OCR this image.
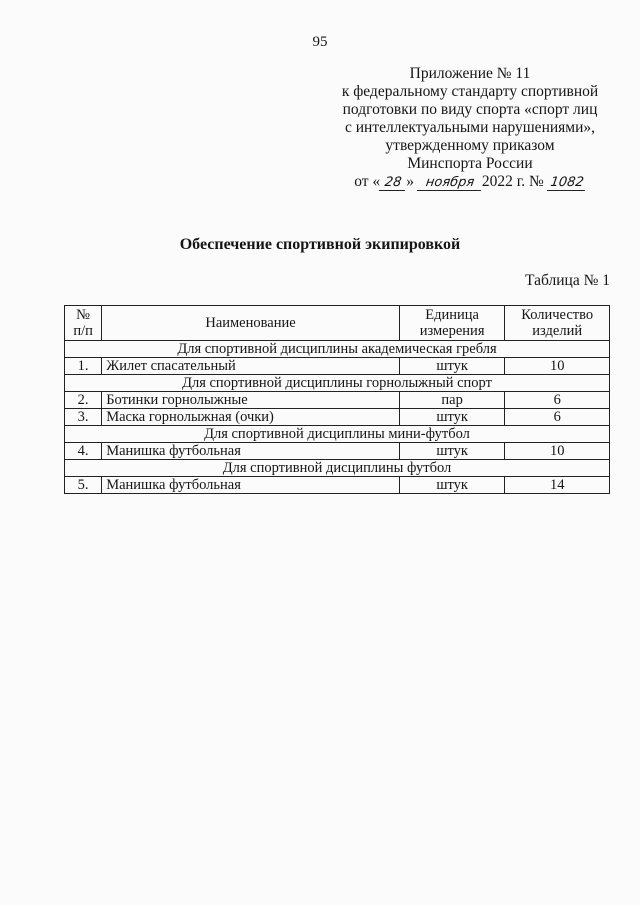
95
Приложение № 11
к федеральному стандарту спортивной
подготовки по виду спорта «спорт лиц
с интеллектуальными нарушениями»,
утвержденному приказом
Минспорта России
от « 28 » ноября 2022 г. № 1082
Обеспечение спортивной экипировкой
Таблица № 1
№ п/п	Наименование	Единица измерения	Количество изделий
Для спортивной дисциплины академическая гребля			
1.	Жилет спасательный	штук	10
Для спортивной дисциплины горнолыжный спорт			
2.	Ботинки горнолыжные	пар	6
3.	Маска горнолыжная (очки)	штук	6
Для спортивной дисциплины мини-футбол			
4.	Манишка футбольная	штук	10
Для спортивной дисциплины футбол			
5.	Манишка футбольная	штук	14
